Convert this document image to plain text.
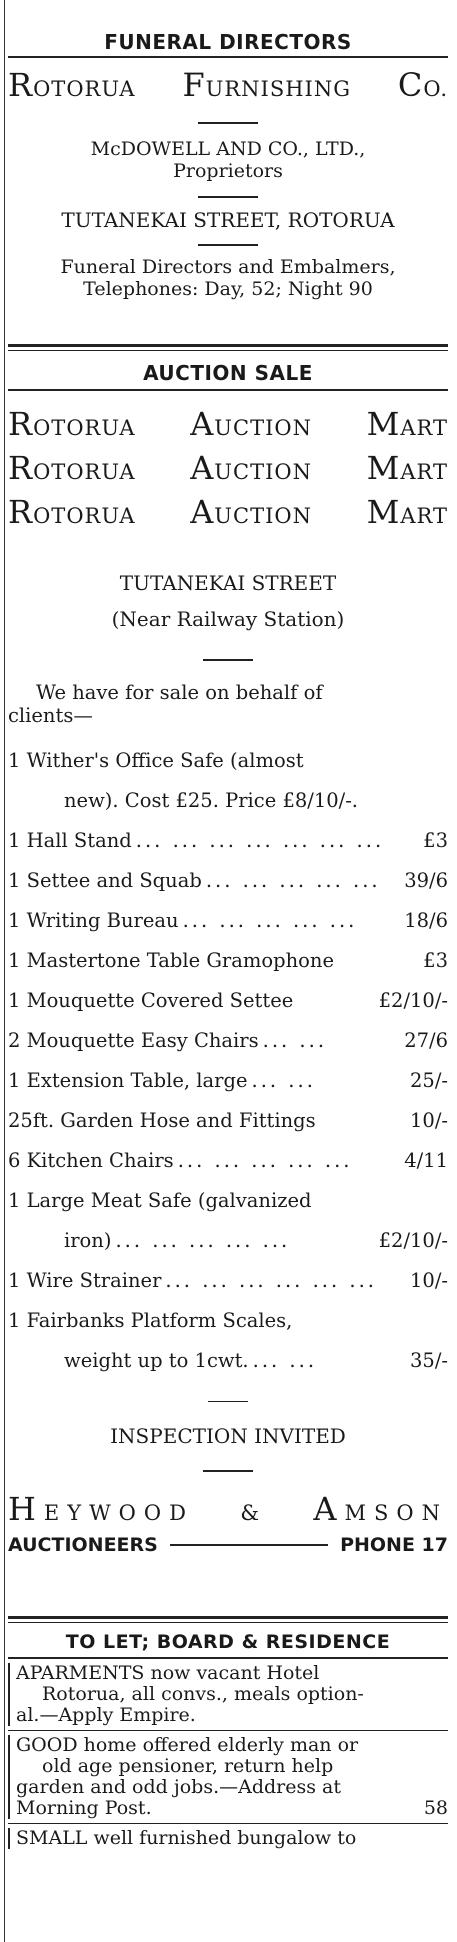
FUNERAL DIRECTORS
ROTORUA FURNISHING CO.
McDOWELL AND CO., LTD.,
Proprietors
TUTANEKAI STREET, ROTORUA
Funeral Directors and Embalmers,
Telephones: Day, 52; Night 90
AUCTION SALE
ROTORUA AUCTION MART
ROTORUA AUCTION MART
ROTORUA AUCTION MART
TUTANEKAI STREET
(Near Railway Station)
We have for sale on behalf of
clients—
1 Wither's Office Safe (almost
new). Cost £25. Price £8/10/-.
1 Hall Stand ... ... ... ... ... ... ...	£3
1 Settee and Squab ... ... ... ... ...	39/6
1 Writing Bureau ... ... ... ... ...	18/6
1 Mastertone Table Gramophone	£3
1 Mouquette Covered Settee	£2/10/-
2 Mouquette Easy Chairs ... ...	27/6
1 Extension Table, large ... ...	25/-
25ft. Garden Hose and Fittings	10/-
6 Kitchen Chairs ... ... ... ... ...	4/11
1 Large Meat Safe (galvanized
iron) ... ... ... ... ...	£2/10/-
1 Wire Strainer ... ... ... ... ... ...	10/-
1 Fairbanks Platform Scales,
weight up to 1cwt. ... ...	35/-
INSPECTION INVITED
HEYWOOD & AMSON
AUCTIONEERS	PHONE 17
TO LET; BOARD & RESIDENCE
APARMENTS now vacant Hotel
Rotorua, all convs., meals option-
al.—Apply Empire.
GOOD home offered elderly man or
old age pensioner, return help
garden and odd jobs.—Address at
Morning Post.	58
SMALL well furnished bungalow to
